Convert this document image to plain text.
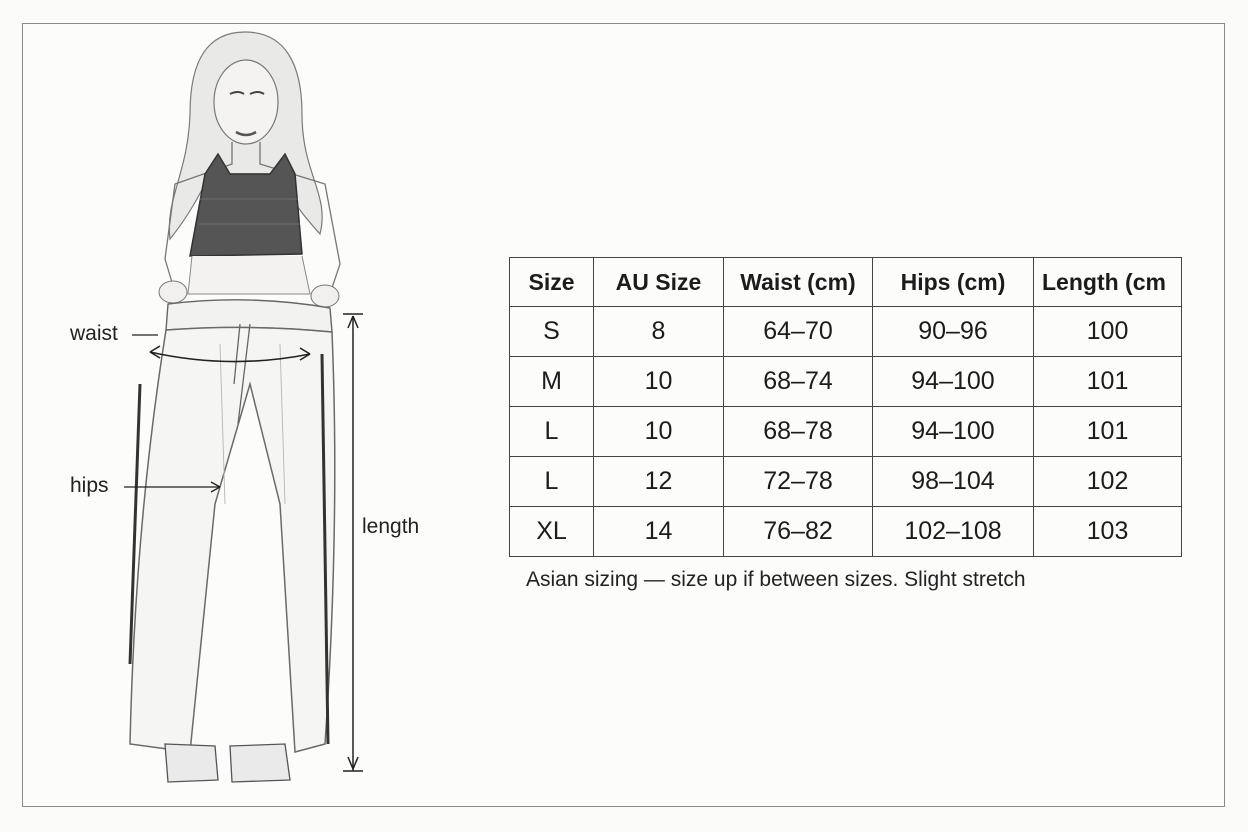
waist
hips
length
Size	AU Size	Waist (cm)	Hips (cm)	Length (cm
S	8	64–70	90–96	100
M	10	68–74	94–100	101
L	10	68–78	94–100	101
L	12	72–78	98–104	102
XL	14	76–82	102–108	103
Asian sizing — size up if between sizes. Slight stretch
